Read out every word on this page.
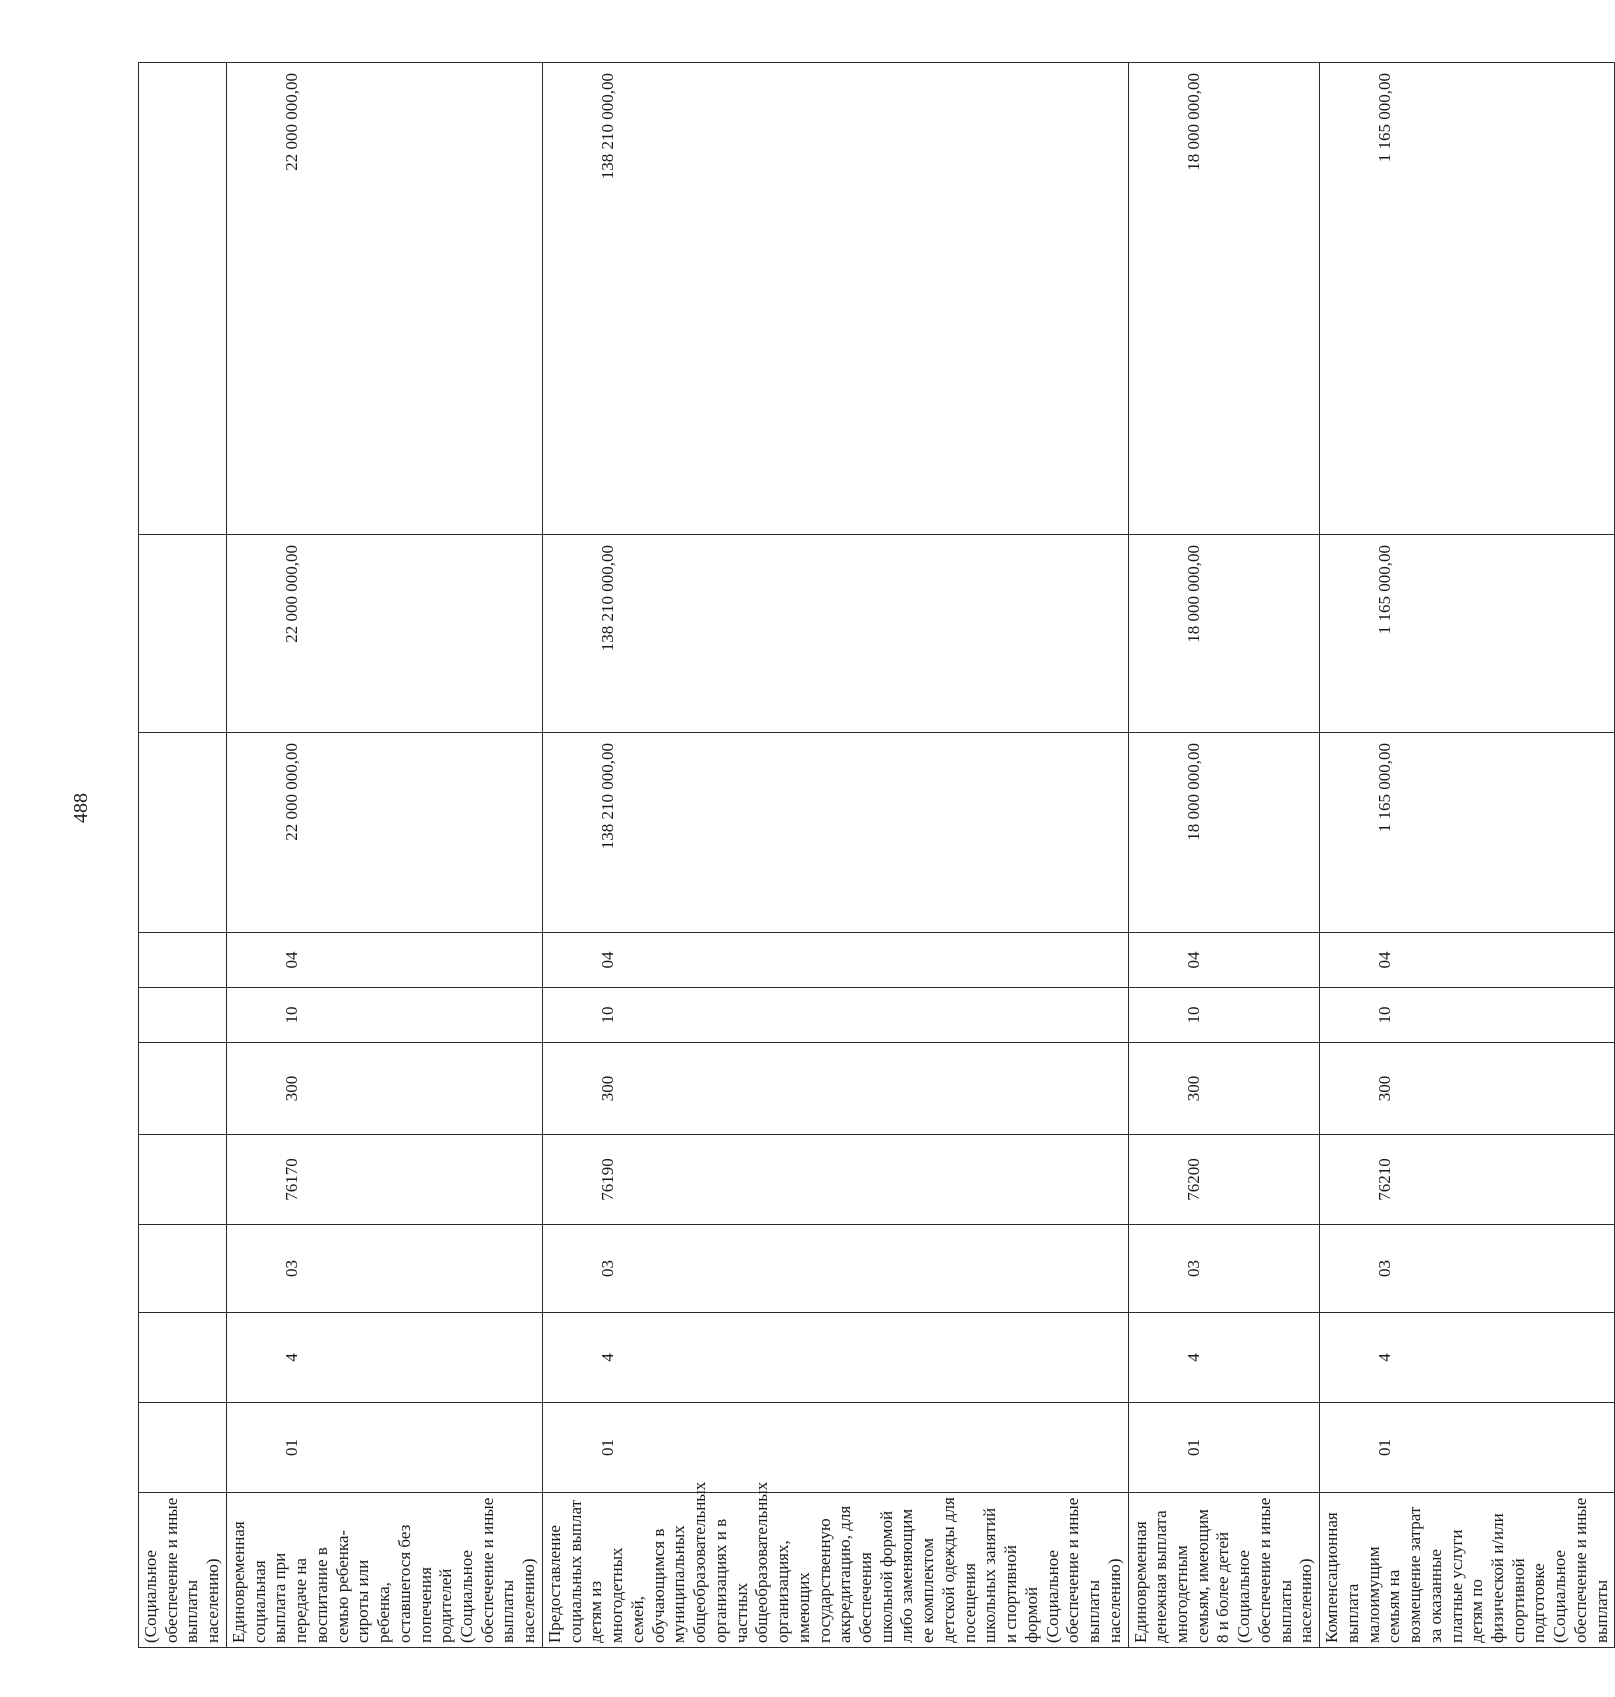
488
(Социальное обеспечение и иные выплаты населению)										
Единовременная социальная выплата при передаче на воспитание в семью ребенка-сироты или ребенка, оставшегося без попечения родителей (Социальное обеспечение и иные выплаты населению)	01	4	03	76170	300	10	04	22 000 000,00	22 000 000,00	22 000 000,00

Предоставление социальных выплат детям из многодетных семей, обучающимся в муниципальных общеобразовательных организациях и в частных общеобразовательных организациях, имеющих государственную аккредитацию, для обеспечения школьной формой либо заменяющим ее комплектом детской одежды для посещения школьных занятий и спортивной формой (Социальное обеспечение и иные выплаты населению)	01	4	03	76190	300	10	04	138 210 000,00	138 210 000,00	138 210 000,00

Единовременная денежная выплата многодетным семьям, имеющим 8 и более детей (Социальное обеспечение и иные выплаты населению)	01	4	03	76200	300	10	04	18 000 000,00	18 000 000,00	18 000 000,00

Компенсационная выплата малоимущим семьям на возмещение затрат за оказанные платные услуги детям по физической и/или спортивной подготовке (Социальное обеспечение и иные выплаты	01	4	03	76210	300	10	04	1 165 000,00	1 165 000,00	1 165 000,00
